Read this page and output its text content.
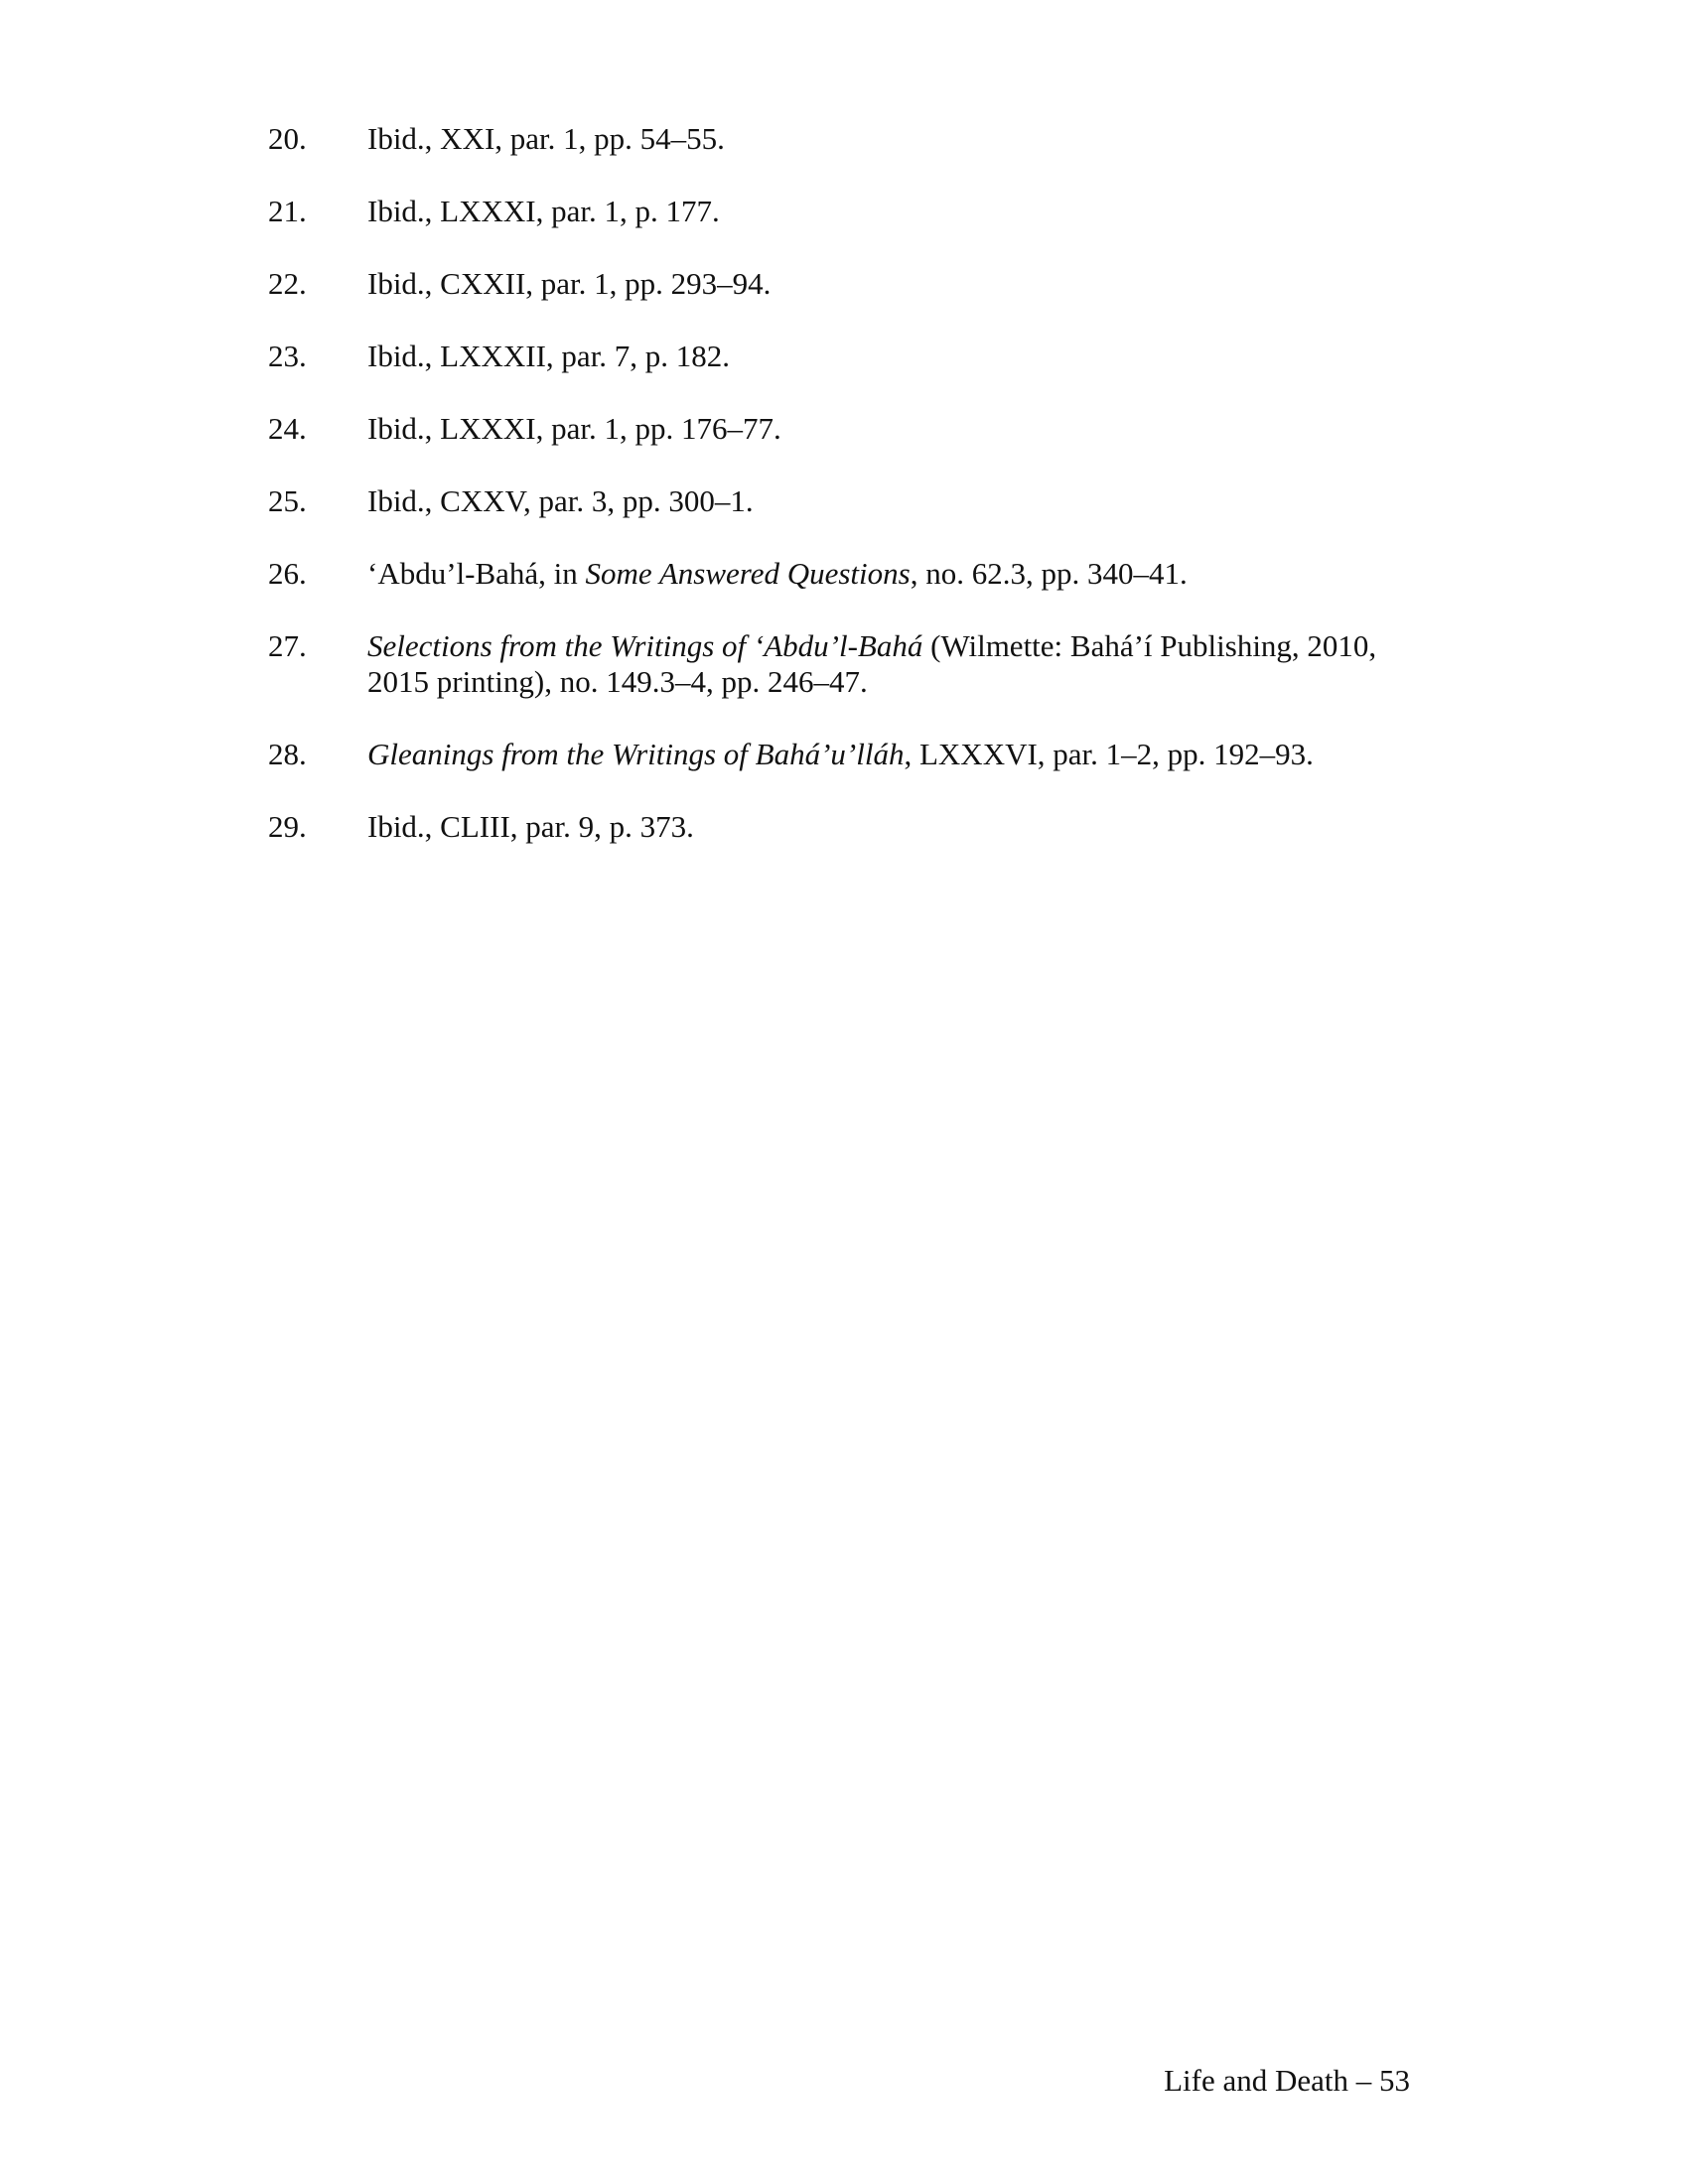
20.	Ibid., XXI, par. 1, pp. 54–55.
21.	Ibid., LXXXI, par. 1, p. 177.
22.	Ibid., CXXII, par. 1, pp. 293–94.
23.	Ibid., LXXXII, par. 7, p. 182.
24.	Ibid., LXXXI, par. 1, pp. 176–77.
25.	Ibid., CXXV, par. 3, pp. 300–1.
26.	‘Abdu’l-Bahá, in Some Answered Questions, no. 62.3, pp. 340–41.
27.	Selections from the Writings of ‘Abdu’l-Bahá (Wilmette: Bahá’í Publishing, 2010, 2015 printing), no. 149.3–4, pp. 246–47.
28.	Gleanings from the Writings of Bahá’u’lláh, LXXXVI, par. 1–2, pp. 192–93.
29.	Ibid., CLIII, par. 9, p. 373.
Life and Death – 53
